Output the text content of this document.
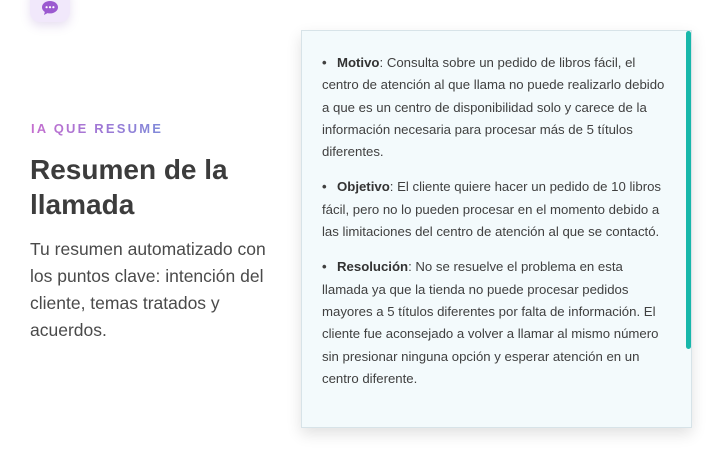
IA QUE RESUME
Resumen de la llamada

Tu resumen automatizado con los puntos clave: intención del cliente, temas tratados y acuerdos.

• Motivo: Consulta sobre un pedido de libros fácil, el centro de atención al que llama no puede realizarlo debido a que es un centro de disponibilidad solo y carece de la información necesaria para procesar más de 5 títulos diferentes.
• Objetivo: El cliente quiere hacer un pedido de 10 libros fácil, pero no lo pueden procesar en el momento debido a las limitaciones del centro de atención al que se contactó.
• Resolución: No se resuelve el problema en esta llamada ya que la tienda no puede procesar pedidos mayores a 5 títulos diferentes por falta de información. El cliente fue aconsejado a volver a llamar al mismo número sin presionar ninguna opción y esperar atención en un centro diferente.
